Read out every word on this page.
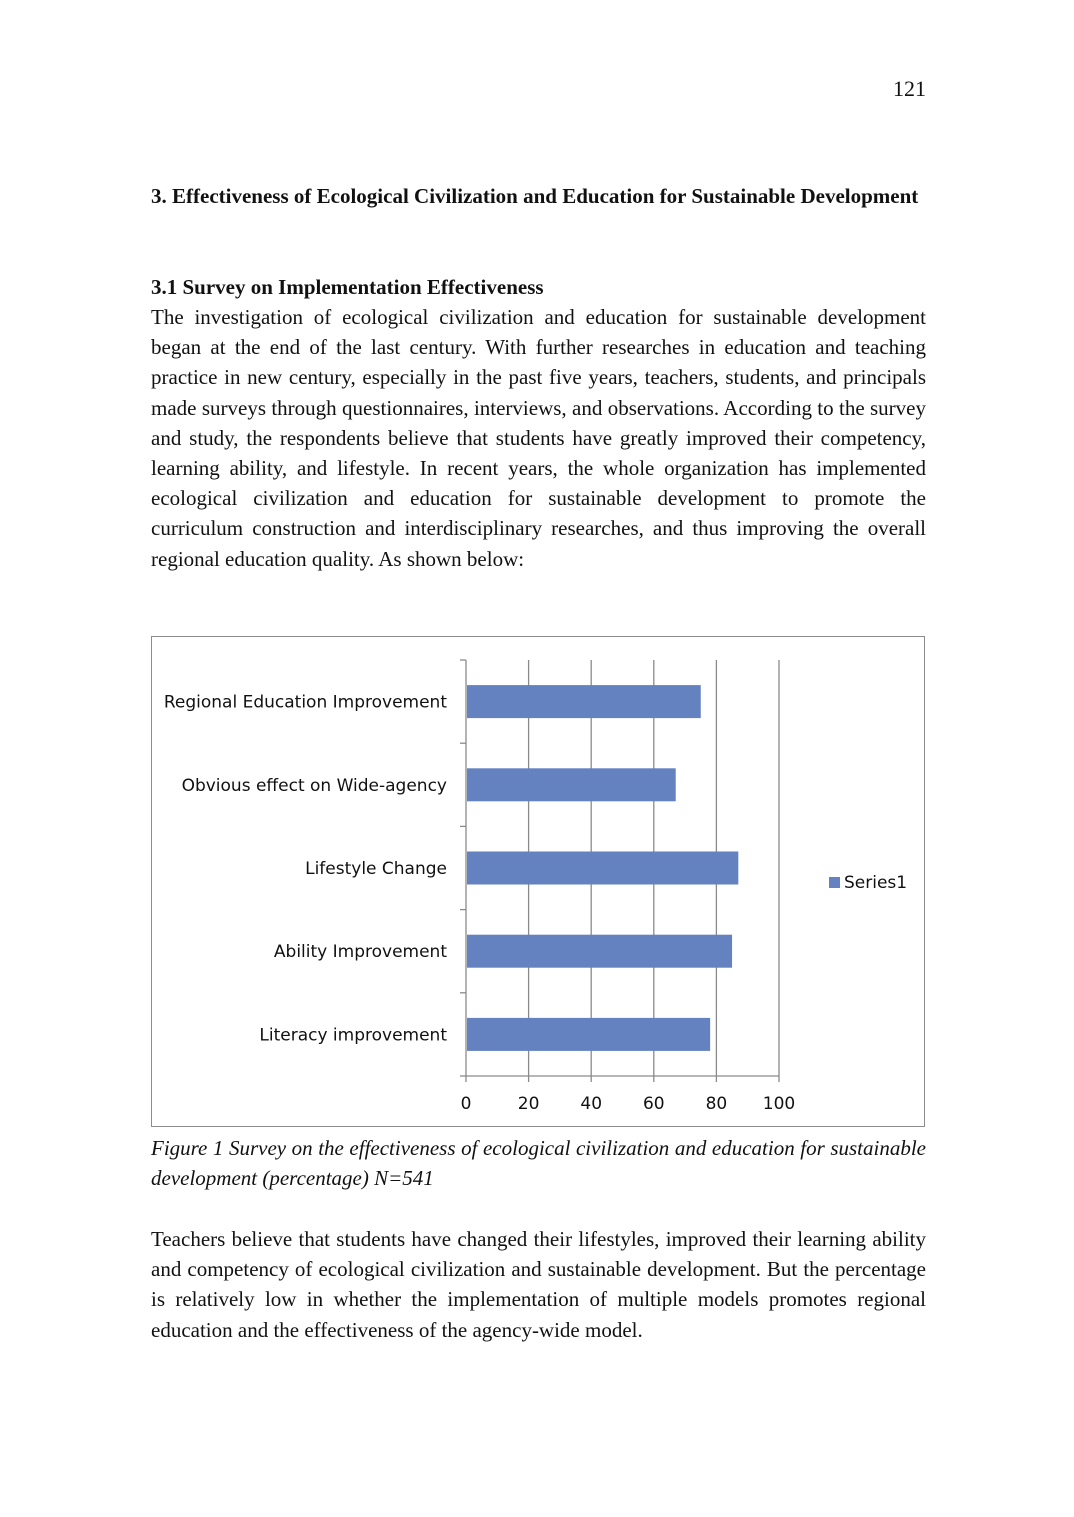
121
3. Effectiveness of Ecological Civilization and Education for Sustainable Development
3.1 Survey on Implementation Effectiveness

The investigation of ecological civilization and education for sustainable development began at the end of the last century. With further researches in education and teaching practice in new century, especially in the past five years, teachers, students, and principals made surveys through questionnaires, interviews, and observations. According to the survey and study, the respondents believe that students have greatly improved their competency, learning ability, and lifestyle. In recent years, the whole organization has implemented ecological civilization and education for sustainable development to promote the curriculum construction and interdisciplinary researches, and thus improving the overall regional education quality. As shown below:

0	20 40 60 80 100
Regional Education Improvement
Obvious effect on Wide-agency
Lifestyle Change
Ability Improvement
Literacy improvement
Series1

Figure 1 Survey on the effectiveness of ecological civilization and education for sustainable development (percentage) N=541

Teachers believe that students have changed their lifestyles, improved their learning ability and competency of ecological civilization and sustainable development. But the percentage is relatively low in whether the implementation of multiple models promotes regional education and the effectiveness of the agency-wide model.
